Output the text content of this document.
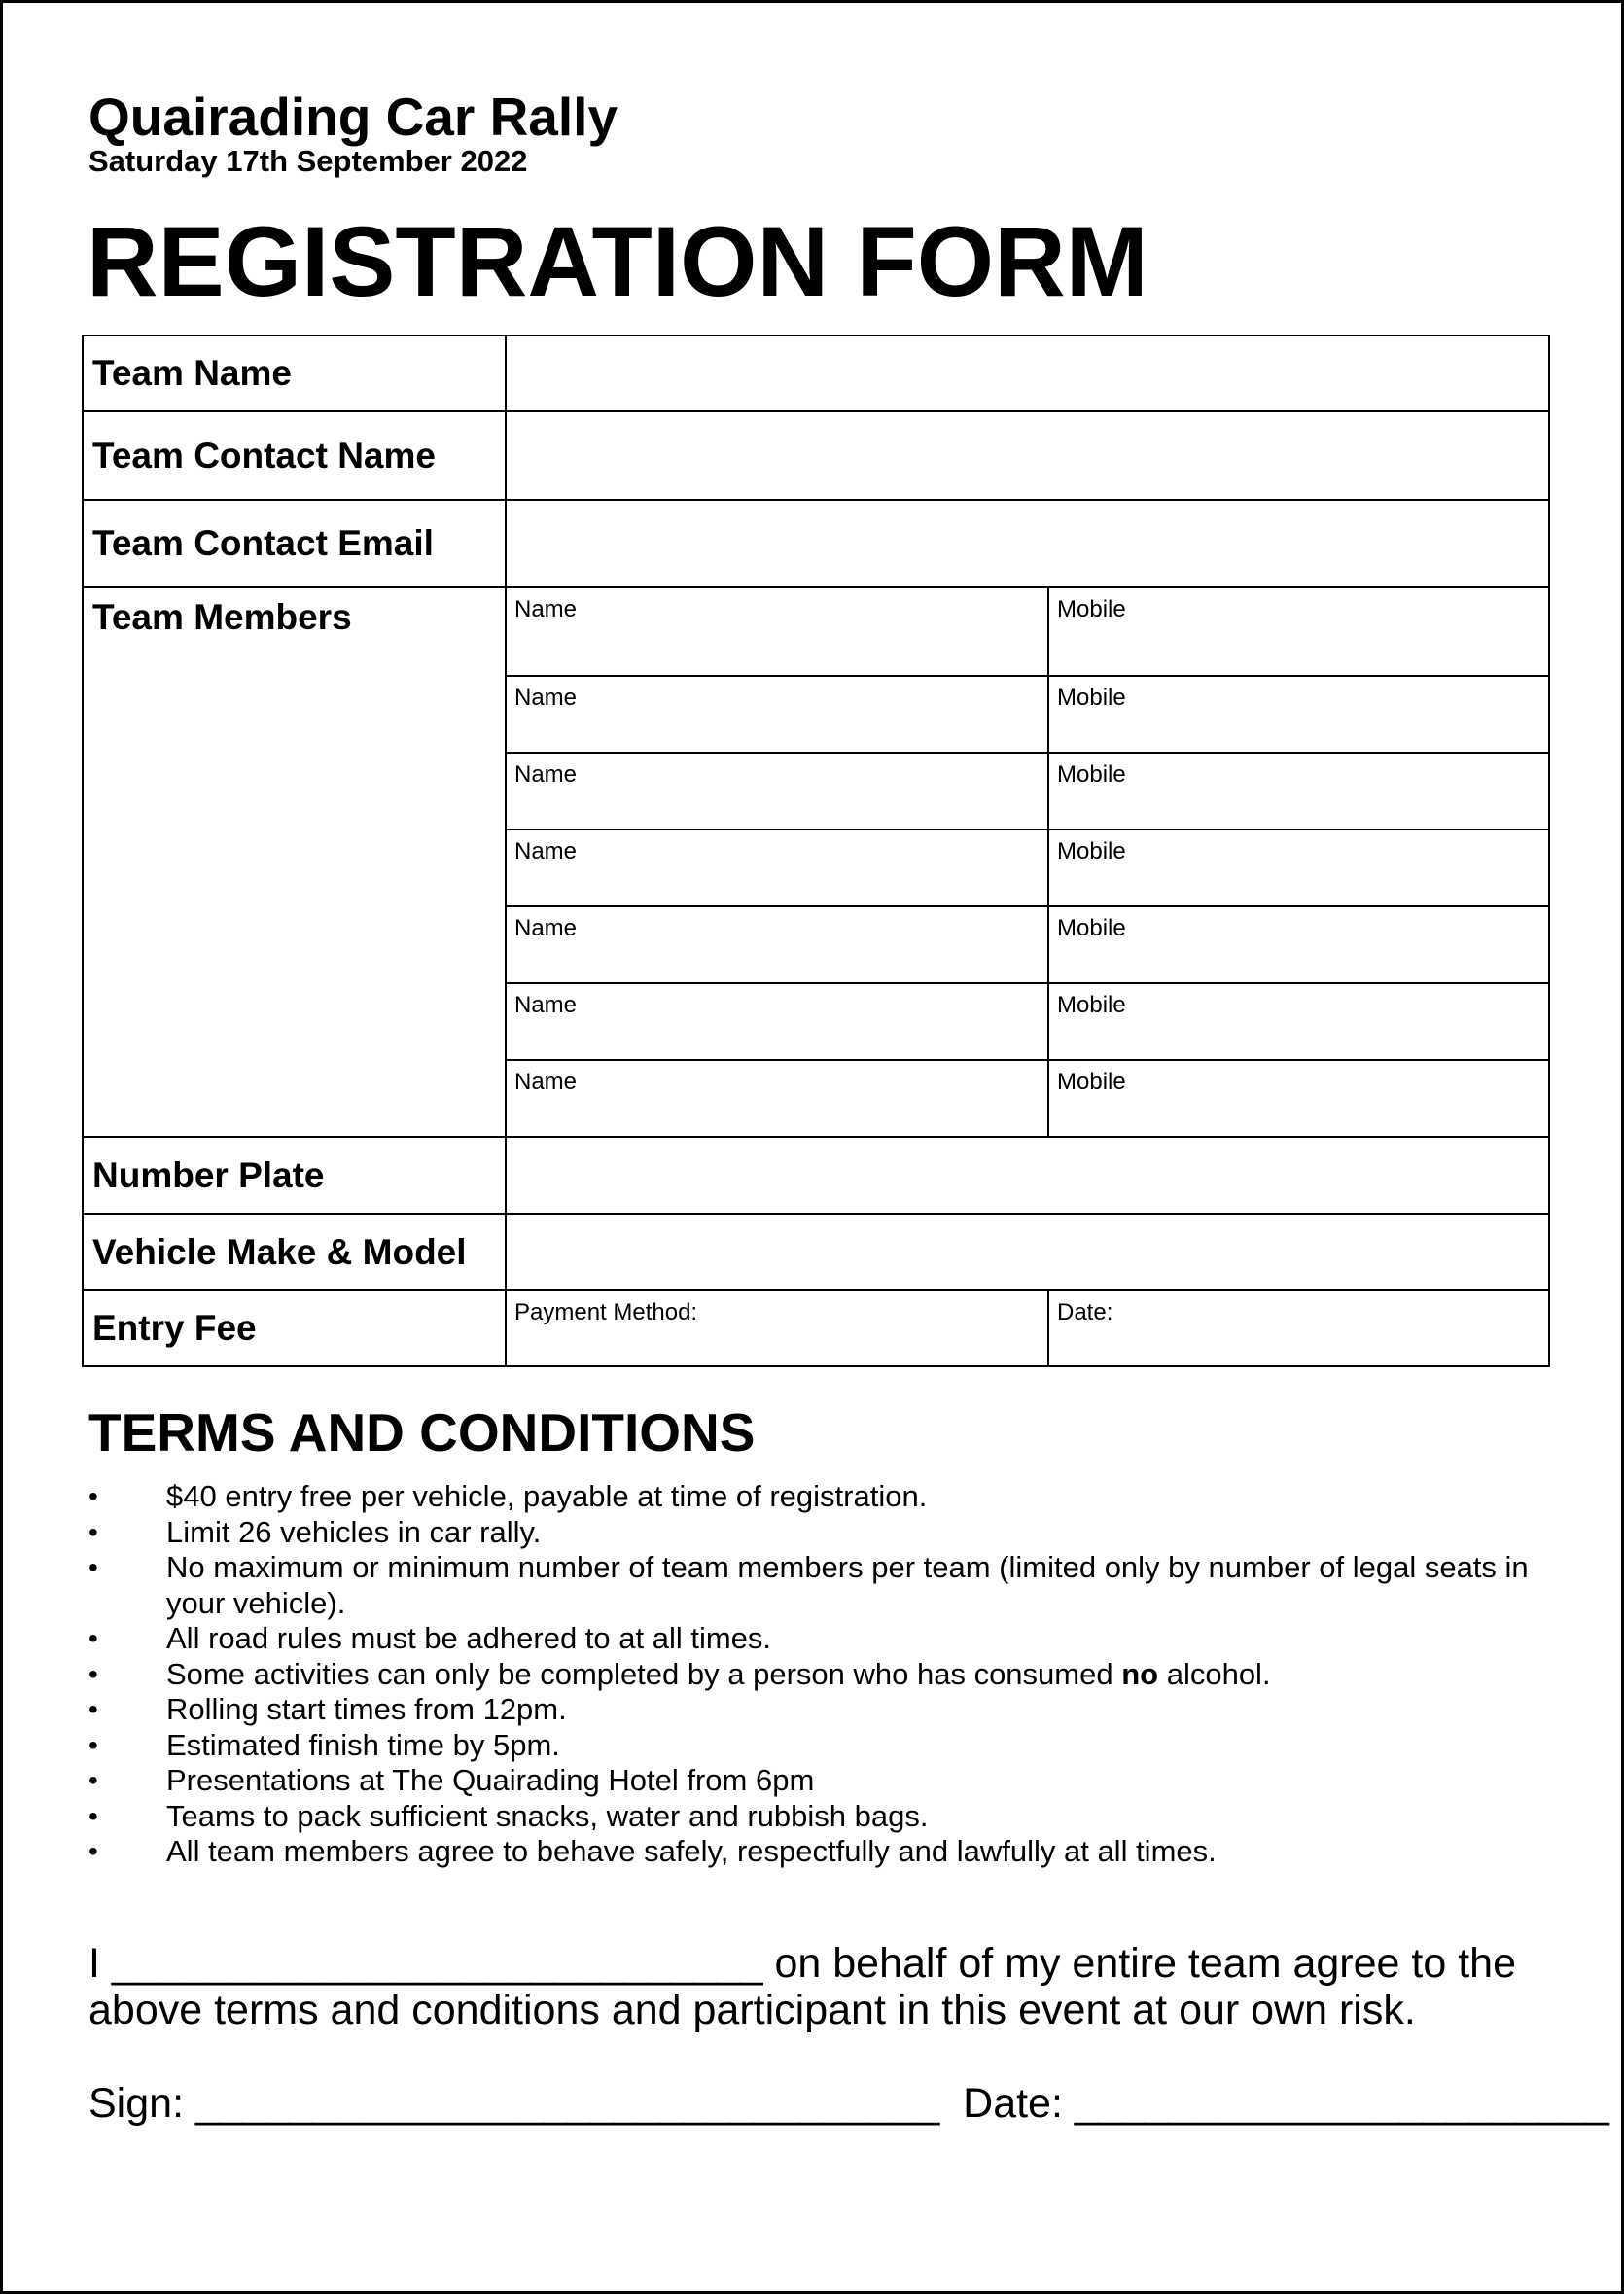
Quairading Car Rally
Saturday 17th September 2022
REGISTRATION FORM
Team Name		
Team Contact Name		
Team Contact Email		
Team Members	Name	Mobile
	Name	Mobile
	Name	Mobile
	Name	Mobile
	Name	Mobile
	Name	Mobile
	Name	Mobile
Number Plate		
Vehicle Make & Model		
Entry Fee	Payment Method:	Date:
TERMS AND CONDITIONS
• $40 entry free per vehicle, payable at time of registration.
• Limit 26 vehicles in car rally.
• No maximum or minimum number of team members per team (limited only by number of legal seats in your vehicle).
• All road rules must be adhered to at all times.
• Some activities can only be completed by a person who has consumed no alcohol.
• Rolling start times from 12pm.
• Estimated finish time by 5pm.
• Presentations at The Quairading Hotel from 6pm
• Teams to pack sufficient snacks, water and rubbish bags.
• All team members agree to behave safely, respectfully and lawfully at all times.

I ____________________________ on behalf of my entire team agree to the above terms and conditions and participant in this event at our own risk.

Sign: ________________________________ Date: _______________________
